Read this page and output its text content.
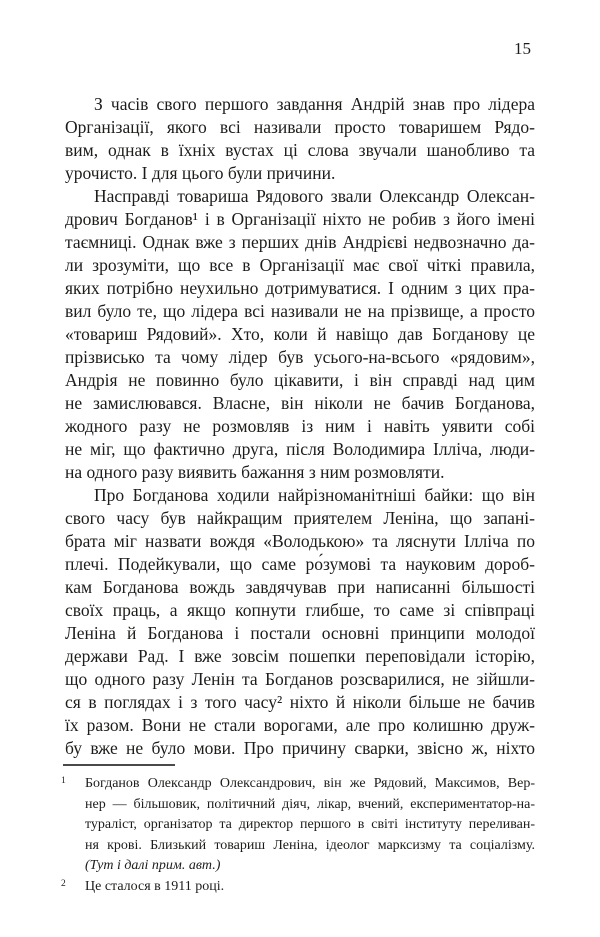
15
З часів свого першого завдання Андрій знав про лідера
Організації, якого всі називали просто товаришем Рядо-
вим, однак в їхніх вустах ці слова звучали шанобливо та
урочисто. І для цього були причини.
Насправді товариша Рядового звали Олександр Олексан-
дрович Богданов¹ і в Організації ніхто не робив з його імені
таємниці. Однак вже з перших днів Андрієві недвозначно да-
ли зрозуміти, що все в Організації має свої чіткі правила,
яких потрібно неухильно дотримуватися. І одним з цих пра-
вил було те, що лідера всі називали не на прізвище, а просто
«товариш Рядовий». Хто, коли й навіщо дав Богданову це
прізвисько та чому лідер був усього-на-всього «рядовим»,
Андрія не повинно було цікавити, і він справді над цим
не замислювався. Власне, він ніколи не бачив Богданова,
жодного разу не розмовляв із ним і навіть уявити собі
не міг, що фактично друга, після Володимира Ілліча, люди-
на одного разу виявить бажання з ним розмовляти.
Про Богданова ходили найрізноманітніші байки: що він
свого часу був найкращим приятелем Леніна, що запані-
брата міг назвати вождя «Володькою» та ляснути Ілліча по
плечі. Подейкували, що саме ро́зумові та науковим дороб-
кам Богданова вождь завдячував при написанні більшості
своїх праць, а якщо копнути глибше, то саме зі співпраці
Леніна й Богданова і постали основні принципи молодої
держави Рад. І вже зовсім пошепки переповідали історію,
що одного разу Ленін та Богданов розсварилися, не зійшли-
ся в поглядах і з того часу² ніхто й ніколи більше не бачив
їх разом. Вони не стали ворогами, але про колишню друж-
бу вже не було мови. Про причину сварки, звісно ж, ніхто
1 Богданов Олександр Олександрович, він же Рядовий, Максимов, Вер-
нер — більшовик, політичний діяч, лікар, вчений, експериментатор-на-
тураліст, організатор та директор першого в світі інституту переливан-
ня крові. Близький товариш Леніна, ідеолог марксизму та соціалізму.
(Тут і далі прим. авт.)
2 Це сталося в 1911 році.
